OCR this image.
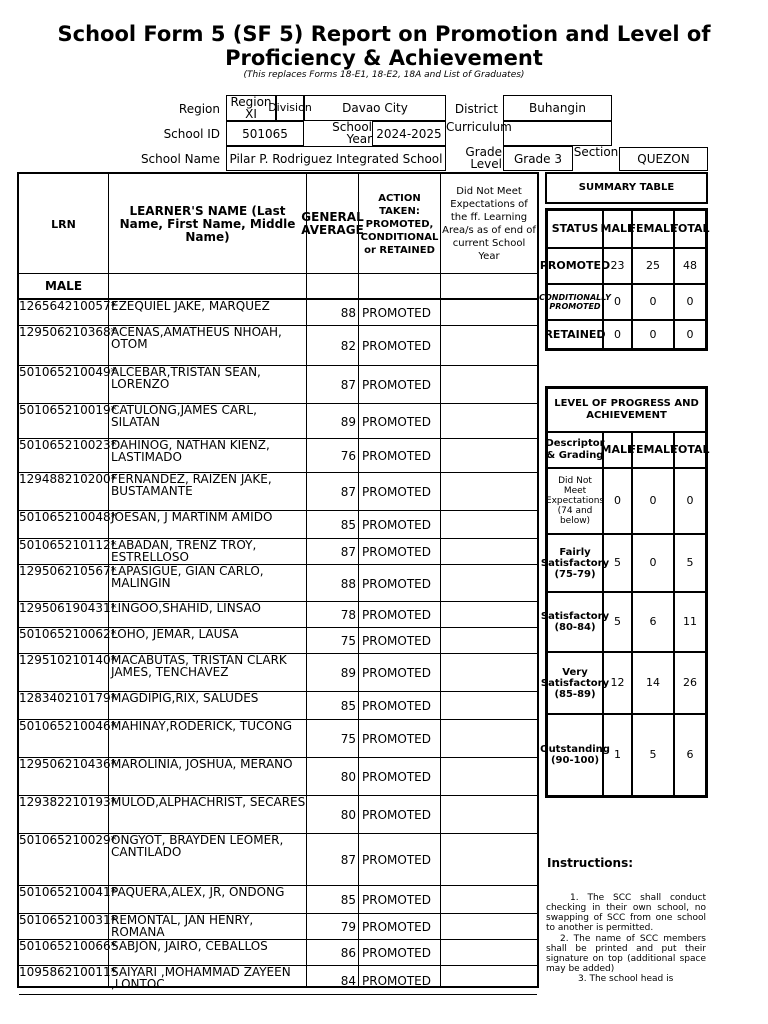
School Form 5 (SF 5) Report on Promotion and Level of Proficiency & Achievement
(This replaces Forms 18-E1, 18-E2, 18A and List of Graduates)
Region Region XI	Division	Davao City	District	Buhangin
School ID	501065	School Year 2024-2025 Curriculum
School Name Pilar P. Rodriguez Integrated School	Grade Level Grade 3 Section	QUEZON
LRN
LEARNER'S NAME (Last Name, First Name, Middle Name)
GENERAL AVERAGE
ACTION TAKEN: PROMOTED, CONDITIONAL or RETAINED
Did Not Meet Expectations of the ff. Learning Area/s as of end of current School Year
MALE
126564210057*
EZEQUIEL JAKE, MARQUEZ	88 PROMOTED
129506210368*
ACENAS,AMATHEUS NHOAH, OTOM	82 PROMOTED
501065210049*
ALCEBAR,TRISTAN SEAN, LORENZO	87 PROMOTED
501065210019*
CATULONG,JAMES CARL, SILATAN	89 PROMOTED
501065210023*
DAHINOG, NATHAN KIENZ, LASTIMADO	76 PROMOTED
129488210200*
FERNANDEZ, RAIZEN JAKE, BUSTAMANTE	87 PROMOTED
501065210048*
JOESAN, J MARTINM AMIDO
85 PROMOTED
501065210112*
LABADAN, TRENZ TROY, ESTRELLOSO	87 PROMOTED
129506210567*
LAPASIGUE, GIAN CARLO, MALINGIN	88 PROMOTED
129506190431*
LINGOO,SHAHID, LINSAO	78 PROMOTED
501065210062*
LOHO, JEMAR, LAUSA	75 PROMOTED
129510210140*
MACABUTAS, TRISTAN CLARK JAMES, TENCHAVEZ	89 PROMOTED
128340210179*
MAGDIPIG,RIX, SALUDES
85 PROMOTED
501065210046*
MAHINAY,RODERICK, TUCONG
75 PROMOTED
129506210436*
MAROLINIA, JOSHUA, MERANO
80 PROMOTED
129382210193*
MULOD,ALPHACHRIST, SECARES
80 PROMOTED
501065210029*
ONGYOT, BRAYDEN LEOMER, CANTILADO
87 PROMOTED
501065210041*
PAQUERA,ALEX, JR, ONDONG
85 PROMOTED
501065210031*
REMONTAL, JAN HENRY, ROMANA	79 PROMOTED
501065210066*
SABJON, JAIRO, CEBALLOS	86 PROMOTED
109586210011*
SAIYARI ,MOHAMMAD ZAYEEN ,LONTOC	84 PROMOTED
SUMMARY TABLE
STATUS MALE
FEMALE
TOTAL
PROMOTED 23	25	48
CONDITIONALLY PROMOTED	0	0	0
RETAINED 0	0	0
LEVEL OF PROGRESS AND ACHIEVEMENT
Descriptor & Grading
MALE
FEMALE
TOTAL
Did Not Meet Expectations (74 and below)
0	0	0
Fairly Satisfactory (75-79)
5	0	5
Satisfactory (80-84)	5	6	11
Very Satisfactory (85-89)
12	14	26
Outstanding (90-100)	1	5	6
Instructions:
1. The SCC shall conduct checking in their own school, no swapping of SCC from one school to another is permitted.
2. The name of SCC members shall be printed and put their signature on top (additional space may be added)
3. The school head is
